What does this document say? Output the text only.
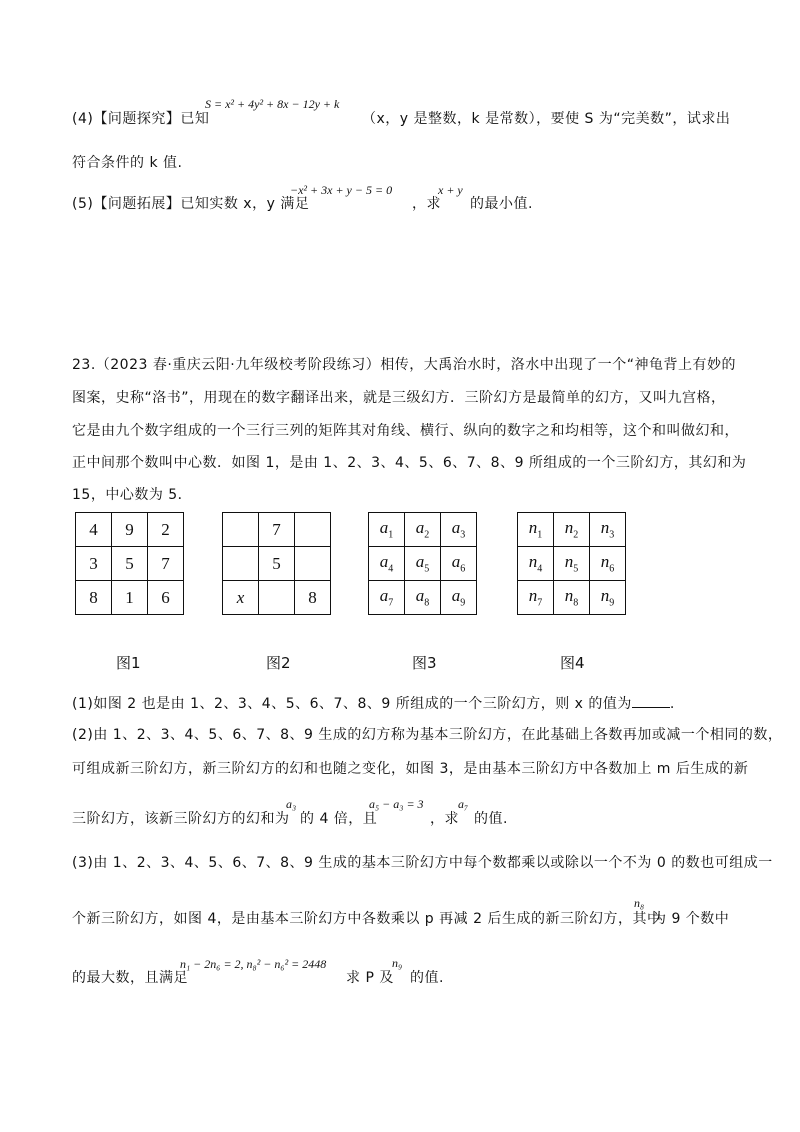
(4)【问题探究】已知
S = x² + 4y² + 8x − 12y + k
（x，y 是整数，k 是常数），要使 S 为“完美数”，试求出
符合条件的 k 值.
(5)【问题拓展】已知实数 x，y 满足
−x² + 3x + y − 5 = 0
，求
x + y
的最小值.
23.（2023 春·重庆云阳·九年级校考阶段练习）相传，大禹治水时，洛水中出现了一个“神龟背上有妙的
图案，史称“洛书”，用现在的数字翻译出来，就是三级幻方．三阶幻方是最简单的幻方，又叫九宫格，
它是由九个数字组成的一个三行三列的矩阵其对角线、横行、纵向的数字之和均相等，这个和叫做幻和，
正中间那个数叫中心数．如图 1，是由 1、2、3、4、5、6、7、8、9 所组成的一个三阶幻方，其幻和为
15，中心数为 5．
4	9	2
3	5	7
8	1	6
	7	
	5	
x		8
$a_1$	$a_2$	$a_3$
$a_4$	$a_5$	$a_6$
$a_7$	$a_8$	$a_9$
$n_1$	$n_2$	$n_3$
$n_4$	$n_5$	$n_6$
$n_7$	$n_8$	$n_9$
图1	图2	图3	图4
(1)如图 2 也是由 1、2、3、4、5、6、7、8、9 所组成的一个三阶幻方，则 x 的值为	.
(2)由 1、2、3、4、5、6、7、8、9 生成的幻方称为基本三阶幻方，在此基础上各数再加或减一个相同的数，
可组成新三阶幻方，新三阶幻方的幻和也随之变化，如图 3，是由基本三阶幻方中各数加上 m 后生成的新
三阶幻方，该新三阶幻方的幻和为
a₃
的 4 倍，且
a₅ − a₃ = 3
，求
a₇
的值.
(3)由 1、2、3、4、5、6、7、8、9 生成的基本三阶幻方中每个数都乘以或除以一个不为 0 的数也可组成一
个新三阶幻方，如图 4，是由基本三阶幻方中各数乘以 p 再减 2 后生成的新三阶幻方，其中
n₈
为 9 个数中
的最大数，且满足
n₁ − 2n₆ = 2, n₈² − n₆² = 2448
求 P 及
n₉
的值.
